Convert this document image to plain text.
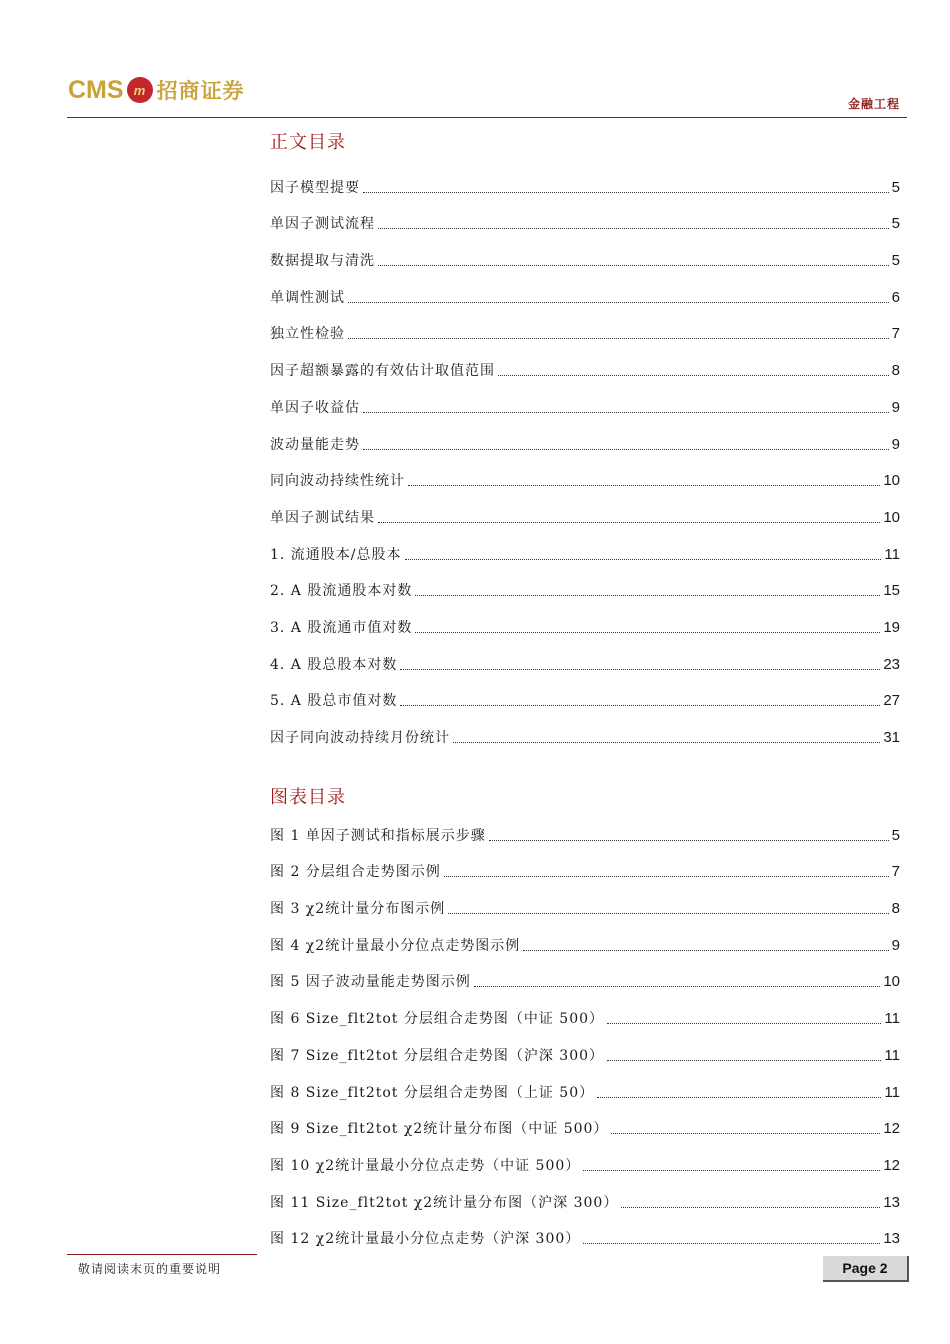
CMS m 招商证券
金融工程
正文目录
因子模型提要	5
单因子测试流程	5
数据提取与清洗	5
单调性测试	6
独立性检验	7
因子超额暴露的有效估计取值范围	8
单因子收益估	9
波动量能走势	9
同向波动持续性统计	10
单因子测试结果	10
1. 流通股本/总股本	11
2. A 股流通股本对数	15
3. A 股流通市值对数	19
4. A 股总股本对数	23
5. A 股总市值对数	27
因子同向波动持续月份统计	31
图表目录
图 1 单因子测试和指标展示步骤	5
图 2 分层组合走势图示例	7
图 3 χ2统计量分布图示例	8
图 4 χ2统计量最小分位点走势图示例	9
图 5 因子波动量能走势图示例	10
图 6 Size_flt2tot 分层组合走势图（中证 500）	11
图 7 Size_flt2tot 分层组合走势图（沪深 300）	11
图 8 Size_flt2tot 分层组合走势图（上证 50）	11
图 9 Size_flt2tot χ2统计量分布图（中证 500）	12
图 10 χ2统计量最小分位点走势（中证 500）	12
图 11 Size_flt2tot χ2统计量分布图（沪深 300）	13
图 12 χ2统计量最小分位点走势（沪深 300）	13
敬请阅读末页的重要说明	Page 2
